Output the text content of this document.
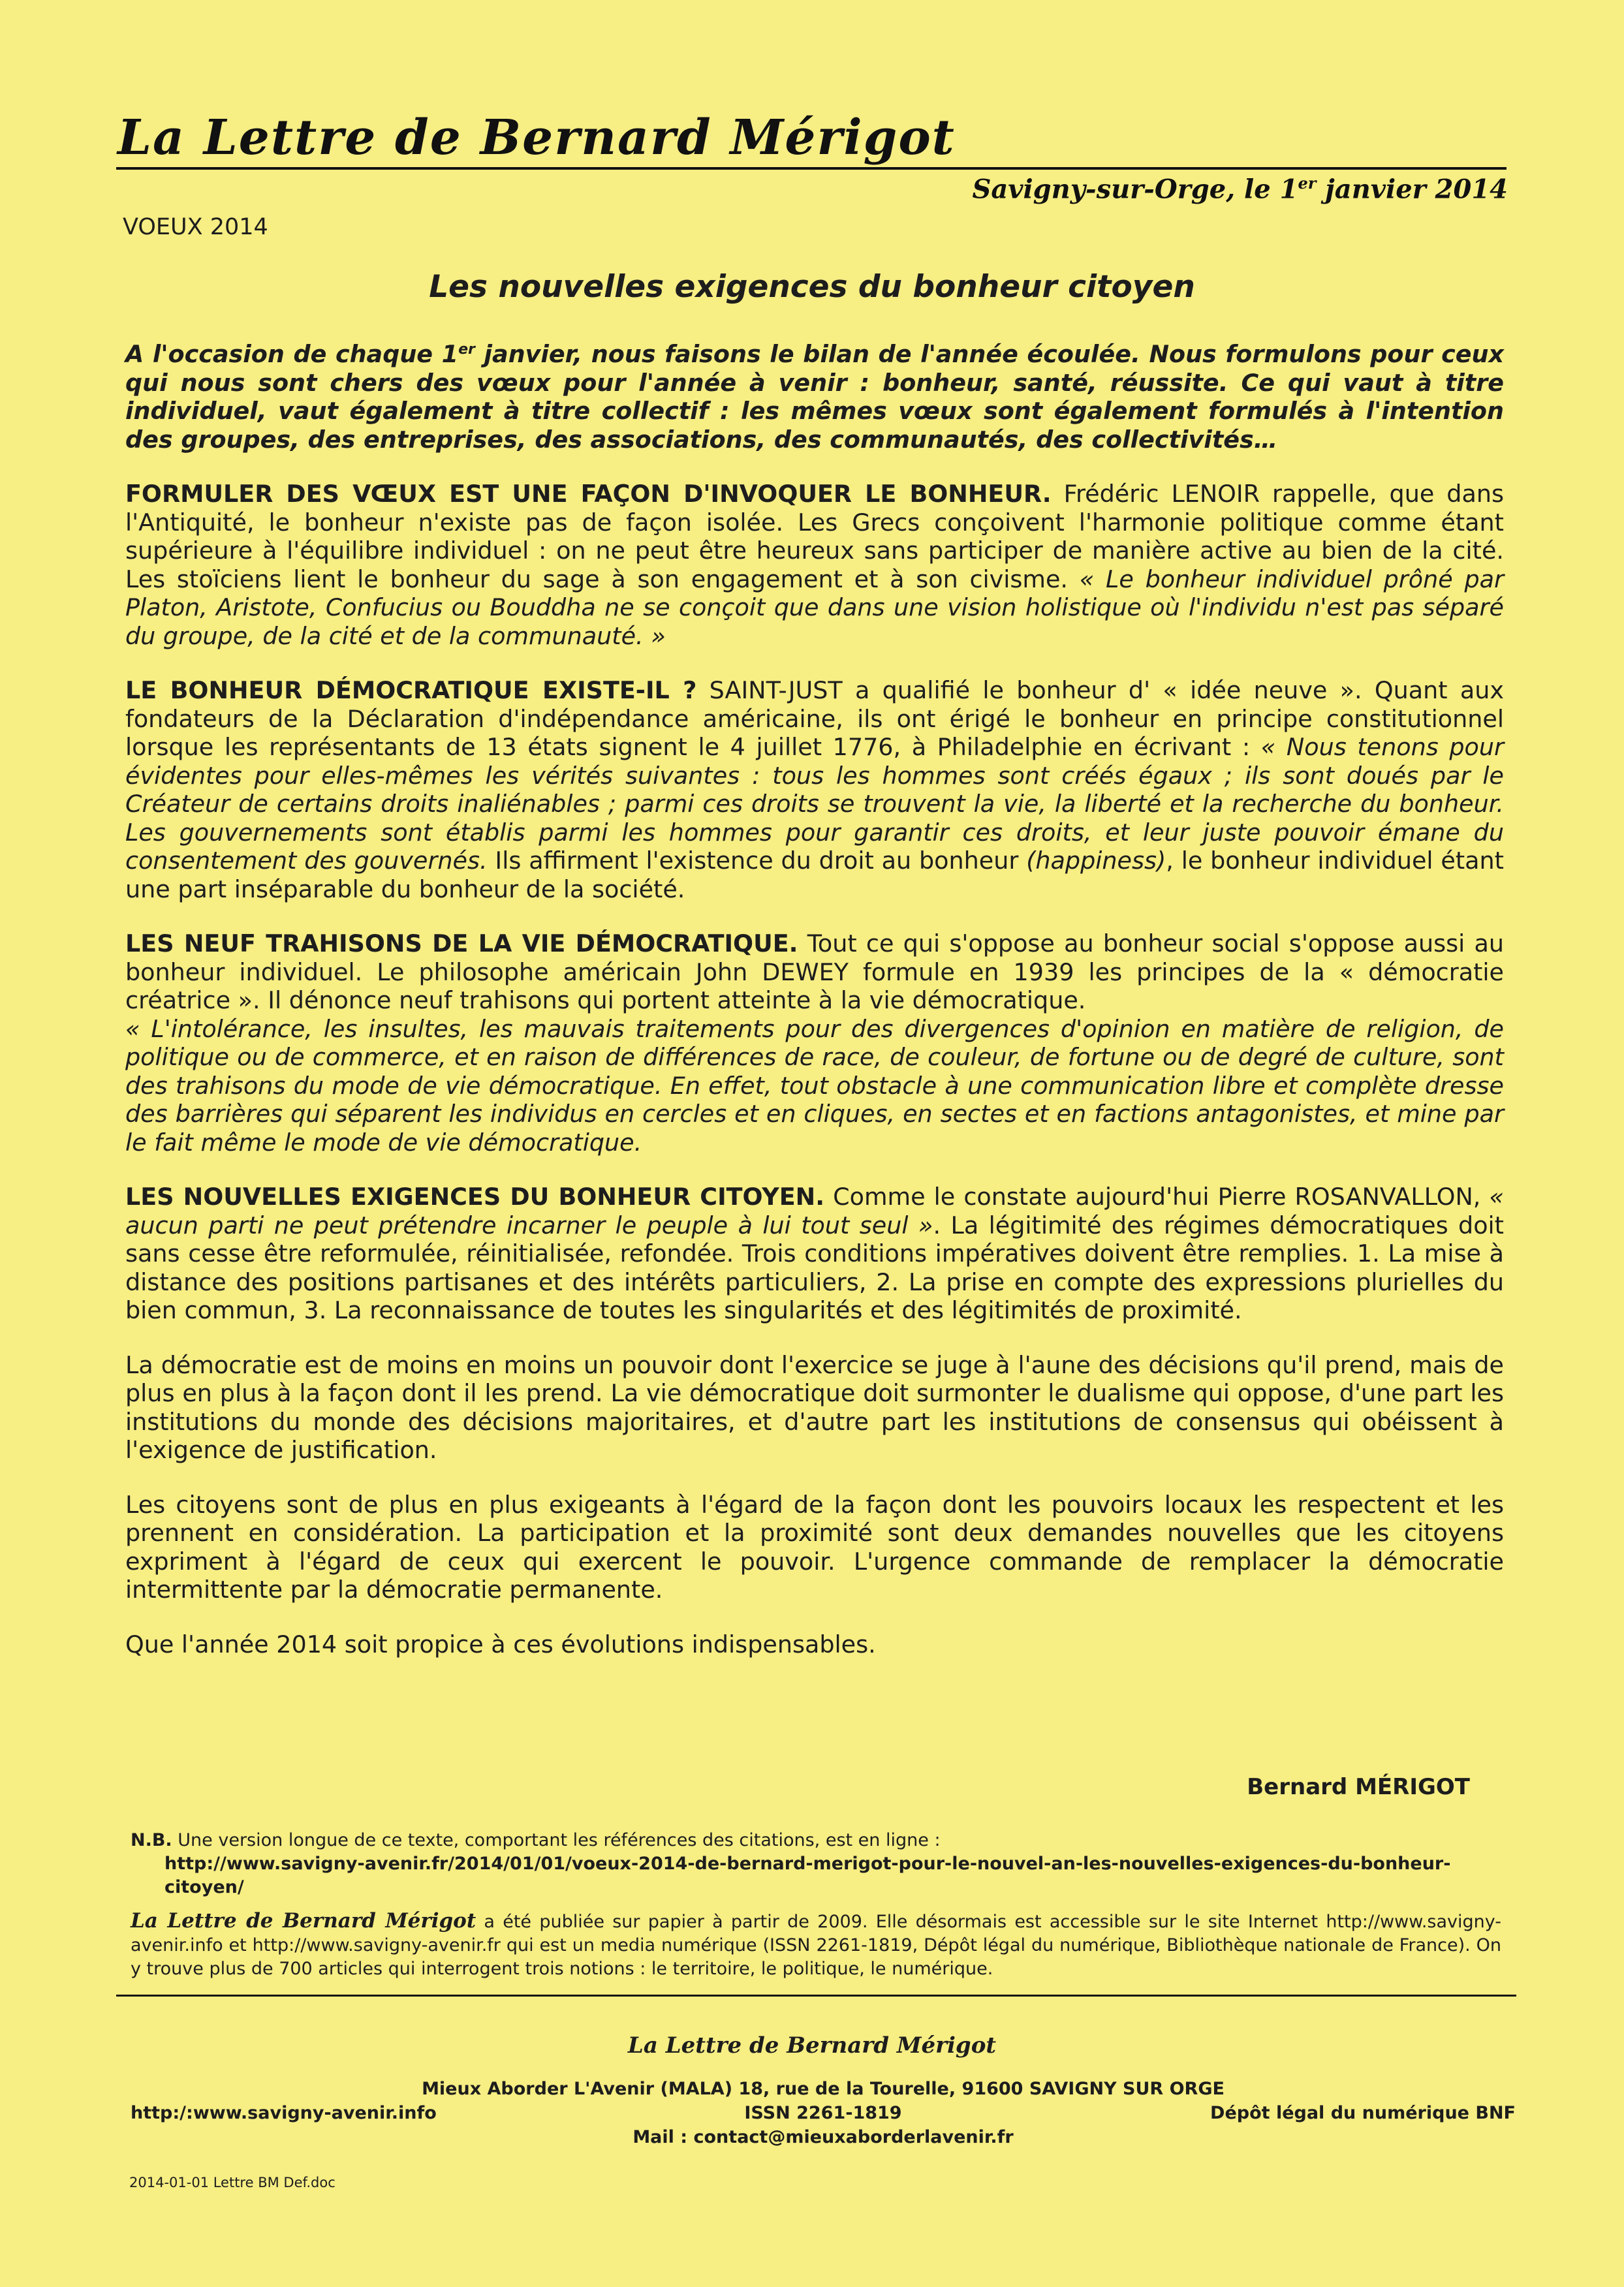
La Lettre de Bernard Mérigot
Savigny-sur-Orge, le 1er janvier 2014
VOEUX 2014
Les nouvelles exigences du bonheur citoyen

A l'occasion de chaque 1er janvier, nous faisons le bilan de l'année écoulée. Nous formulons pour ceux qui nous sont chers des vœux pour l'année à venir : bonheur, santé, réussite. Ce qui vaut à titre individuel, vaut également à titre collectif : les mêmes vœux sont également formulés à l'intention des groupes, des entreprises, des associations, des communautés, des collectivités…

FORMULER DES VŒUX EST UNE FAÇON D'INVOQUER LE BONHEUR. Frédéric LENOIR rappelle, que dans l'Antiquité, le bonheur n'existe pas de façon isolée. Les Grecs conçoivent l'harmonie politique comme étant supérieure à l'équilibre individuel : on ne peut être heureux sans participer de manière active au bien de la cité. Les stoïciens lient le bonheur du sage à son engagement et à son civisme. « Le bonheur individuel prôné par Platon, Aristote, Confucius ou Bouddha ne se conçoit que dans une vision holistique où l'individu n'est pas séparé du groupe, de la cité et de la communauté. »

LE BONHEUR DÉMOCRATIQUE EXISTE-IL ? SAINT-JUST a qualifié le bonheur d' « idée neuve ». Quant aux fondateurs de la Déclaration d'indépendance américaine, ils ont érigé le bonheur en principe constitutionnel lorsque les représentants de 13 états signent le 4 juillet 1776, à Philadelphie en écrivant : « Nous tenons pour évidentes pour elles-mêmes les vérités suivantes : tous les hommes sont créés égaux ; ils sont doués par le Créateur de certains droits inaliénables ; parmi ces droits se trouvent la vie, la liberté et la recherche du bonheur. Les gouvernements sont établis parmi les hommes pour garantir ces droits, et leur juste pouvoir émane du consentement des gouvernés. Ils affirment l'existence du droit au bonheur (happiness), le bonheur individuel étant une part inséparable du bonheur de la société.

LES NEUF TRAHISONS DE LA VIE DÉMOCRATIQUE. Tout ce qui s'oppose au bonheur social s'oppose aussi au bonheur individuel. Le philosophe américain John DEWEY formule en 1939 les principes de la « démocratie créatrice ». Il dénonce neuf trahisons qui portent atteinte à la vie démocratique.
« L'intolérance, les insultes, les mauvais traitements pour des divergences d'opinion en matière de religion, de politique ou de commerce, et en raison de différences de race, de couleur, de fortune ou de degré de culture, sont des trahisons du mode de vie démocratique. En effet, tout obstacle à une communication libre et complète dresse des barrières qui séparent les individus en cercles et en cliques, en sectes et en factions antagonistes, et mine par le fait même le mode de vie démocratique.

LES NOUVELLES EXIGENCES DU BONHEUR CITOYEN. Comme le constate aujourd'hui Pierre ROSANVALLON, « aucun parti ne peut prétendre incarner le peuple à lui tout seul ». La légitimité des régimes démocratiques doit sans cesse être reformulée, réinitialisée, refondée. Trois conditions impératives doivent être remplies. 1. La mise à distance des positions partisanes et des intérêts particuliers, 2. La prise en compte des expressions plurielles du bien commun, 3. La reconnaissance de toutes les singularités et des légitimités de proximité.

La démocratie est de moins en moins un pouvoir dont l'exercice se juge à l'aune des décisions qu'il prend, mais de plus en plus à la façon dont il les prend. La vie démocratique doit surmonter le dualisme qui oppose, d'une part les institutions du monde des décisions majoritaires, et d'autre part les institutions de consensus qui obéissent à l'exigence de justification.

Les citoyens sont de plus en plus exigeants à l'égard de la façon dont les pouvoirs locaux les respectent et les prennent en considération. La participation et la proximité sont deux demandes nouvelles que les citoyens expriment à l'égard de ceux qui exercent le pouvoir. L'urgence commande de remplacer la démocratie intermittente par la démocratie permanente.

Que l'année 2014 soit propice à ces évolutions indispensables.

Bernard MÉRIGOT
N.B. Une version longue de ce texte, comportant les références des citations, est en ligne :
http://www.savigny-avenir.fr/2014/01/01/voeux-2014-de-bernard-merigot-pour-le-nouvel-an-les-nouvelles-exigences-du-bonheur-citoyen/
La Lettre de Bernard Mérigot a été publiée sur papier à partir de 2009. Elle désormais est accessible sur le site Internet http://www.savigny-avenir.info et http://www.savigny-avenir.fr qui est un media numérique (ISSN 2261-1819, Dépôt légal du numérique, Bibliothèque nationale de France). On y trouve plus de 700 articles qui interrogent trois notions : le territoire, le politique, le numérique.
La Lettre de Bernard Mérigot
Mieux Aborder L'Avenir (MALA) 18, rue de la Tourelle, 91600 SAVIGNY SUR ORGE
http:/:www.savigny-avenir.info	ISSN 2261-1819	Dépôt légal du numérique BNF
Mail : contact@mieuxaborderlavenir.fr
2014-01-01 Lettre BM Def.doc
